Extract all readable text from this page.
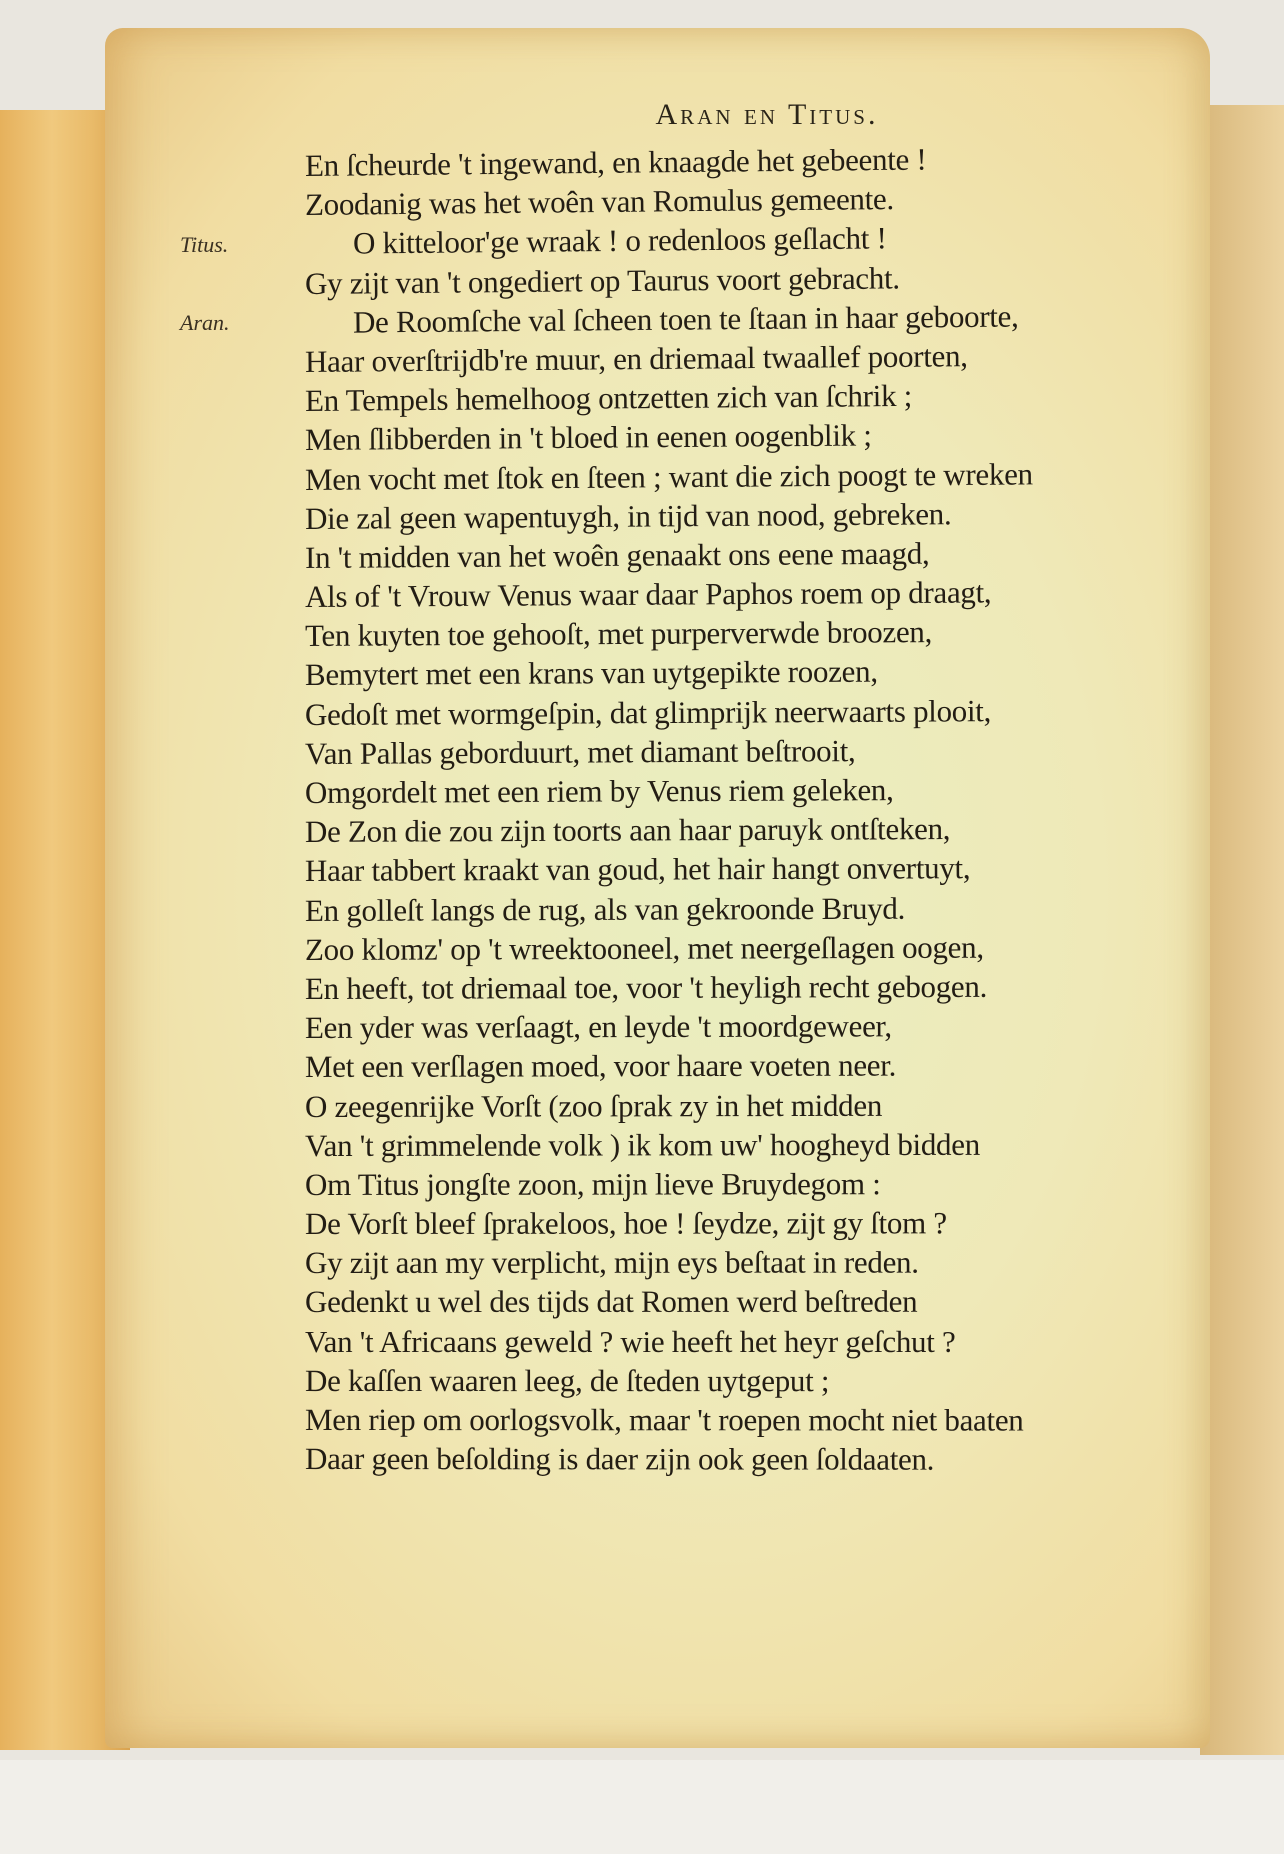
Aran en Titus.
Titus.
Aran.
En ſcheurde 't ingewand, en knaagde het gebeente !
Zoodanig was het woên van Romulus gemeente.
O kitteloor'ge wraak ! o redenloos geſlacht !
Gy zijt van 't ongediert op Taurus voort gebracht.
De Roomſche val ſcheen toen te ſtaan in haar geboorte,
Haar overſtrijdb're muur, en driemaal twaallef poorten,
En Tempels hemelhoog ontzetten zich van ſchrik ;
Men ſlibberden in 't bloed in eenen oogenblik ;
Men vocht met ſtok en ſteen ; want die zich poogt te wreken
Die zal geen wapentuygh, in tijd van nood, gebreken.
In 't midden van het woên genaakt ons eene maagd,
Als of 't Vrouw Venus waar daar Paphos roem op draagt,
Ten kuyten toe gehooſt, met purperverwde broozen,
Bemytert met een krans van uytgepikte roozen,
Gedoſt met wormgeſpin, dat glimprijk neerwaarts plooit,
Van Pallas geborduurt, met diamant beſtrooit,
Omgordelt met een riem by Venus riem geleken,
De Zon die zou zijn toorts aan haar paruyk ontſteken,
Haar tabbert kraakt van goud, het hair hangt onvertuyt,
En golleſt langs de rug, als van gekroonde Bruyd.
Zoo klomz' op 't wreektooneel, met neergeſlagen oogen,
En heeft, tot driemaal toe, voor 't heyligh recht gebogen.
Een yder was verſaagt, en leyde 't moordgeweer,
Met een verſlagen moed, voor haare voeten neer.
O zeegenrijke Vorſt (zoo ſprak zy in het midden
Van 't grimmelende volk ) ik kom uw' hoogheyd bidden
Om Titus jongſte zoon, mijn lieve Bruydegom :
De Vorſt bleef ſprakeloos, hoe ! ſeydze, zijt gy ſtom ?
Gy zijt aan my verplicht, mijn eys beſtaat in reden.
Gedenkt u wel des tijds dat Romen werd beſtreden
Van 't Africaans geweld ? wie heeft het heyr geſchut ?
De kaſſen waaren leeg, de ſteden uytgeput ;
Men riep om oorlogsvolk, maar 't roepen mocht niet baaten
Daar geen beſolding is daer zijn ook geen ſoldaaten.
